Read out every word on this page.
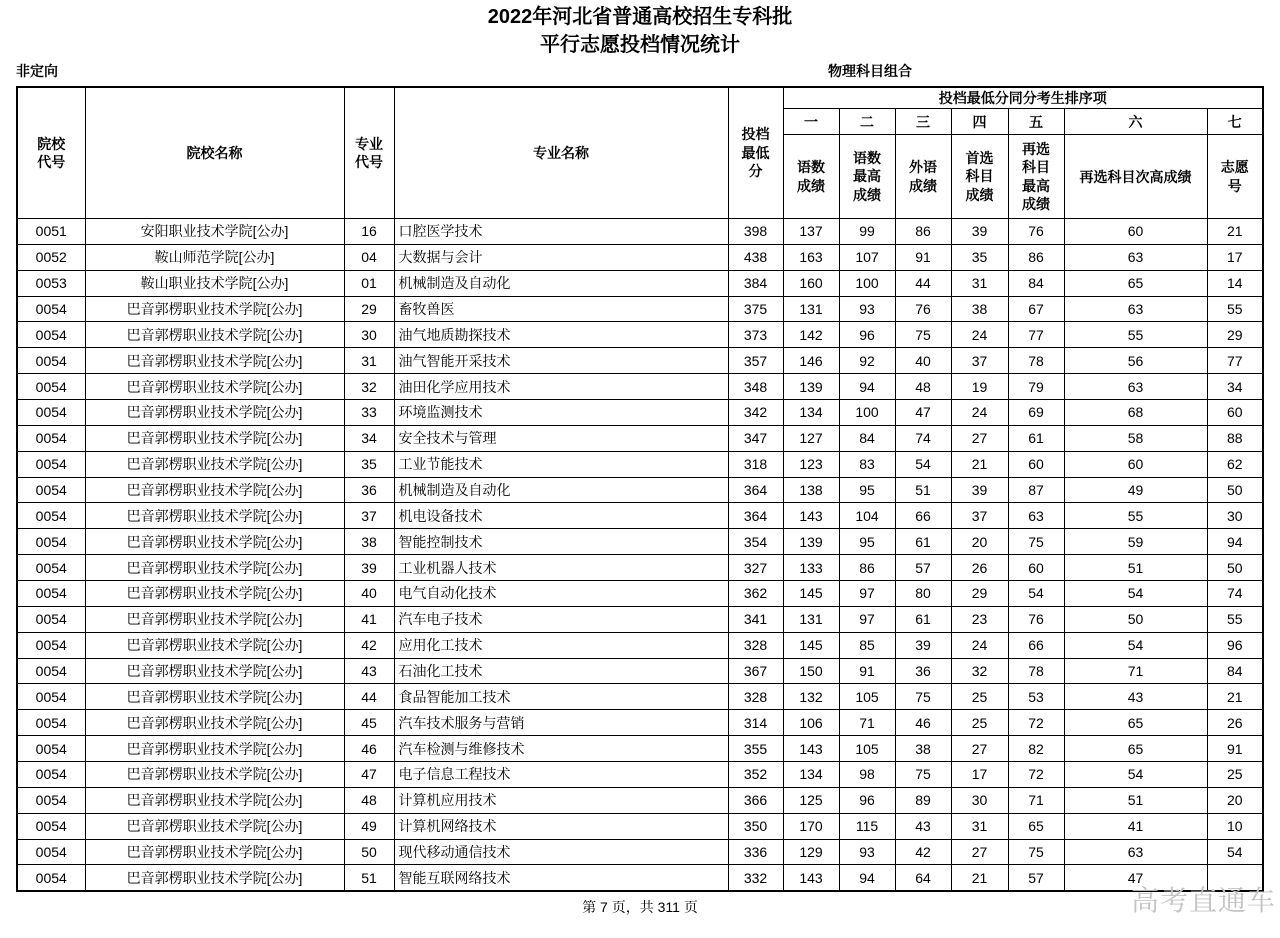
2022年河北省普通高校招生专科批
平行志愿投档情况统计
非定向	物理科目组合
院校代号	院校名称	专业代号	专业名称	投档最低分	投档最低分同分考生排序项						
					一	二	三	四	五	六	七
					语数成绩	语数最高成绩	外语成绩	首选科目成绩	再选科目最高成绩	再选科目次高成绩	志愿号
0051	安阳职业技术学院[公办]	16	口腔医学技术	398	137	99	86	39	76	60	21
0052	鞍山师范学院[公办]	04	大数据与会计	438	163	107	91	35	86	63	17
0053	鞍山职业技术学院[公办]	01	机械制造及自动化	384	160	100	44	31	84	65	14
0054	巴音郭楞职业技术学院[公办]	29	畜牧兽医	375	131	93	76	38	67	63	55
0054	巴音郭楞职业技术学院[公办]	30	油气地质勘探技术	373	142	96	75	24	77	55	29
0054	巴音郭楞职业技术学院[公办]	31	油气智能开采技术	357	146	92	40	37	78	56	77
0054	巴音郭楞职业技术学院[公办]	32	油田化学应用技术	348	139	94	48	19	79	63	34
0054	巴音郭楞职业技术学院[公办]	33	环境监测技术	342	134	100	47	24	69	68	60
0054	巴音郭楞职业技术学院[公办]	34	安全技术与管理	347	127	84	74	27	61	58	88
0054	巴音郭楞职业技术学院[公办]	35	工业节能技术	318	123	83	54	21	60	60	62
0054	巴音郭楞职业技术学院[公办]	36	机械制造及自动化	364	138	95	51	39	87	49	50
0054	巴音郭楞职业技术学院[公办]	37	机电设备技术	364	143	104	66	37	63	55	30
0054	巴音郭楞职业技术学院[公办]	38	智能控制技术	354	139	95	61	20	75	59	94
0054	巴音郭楞职业技术学院[公办]	39	工业机器人技术	327	133	86	57	26	60	51	50
0054	巴音郭楞职业技术学院[公办]	40	电气自动化技术	362	145	97	80	29	54	54	74
0054	巴音郭楞职业技术学院[公办]	41	汽车电子技术	341	131	97	61	23	76	50	55
0054	巴音郭楞职业技术学院[公办]	42	应用化工技术	328	145	85	39	24	66	54	96
0054	巴音郭楞职业技术学院[公办]	43	石油化工技术	367	150	91	36	32	78	71	84
0054	巴音郭楞职业技术学院[公办]	44	食品智能加工技术	328	132	105	75	25	53	43	21
0054	巴音郭楞职业技术学院[公办]	45	汽车技术服务与营销	314	106	71	46	25	72	65	26
0054	巴音郭楞职业技术学院[公办]	46	汽车检测与维修技术	355	143	105	38	27	82	65	91
0054	巴音郭楞职业技术学院[公办]	47	电子信息工程技术	352	134	98	75	17	72	54	25
0054	巴音郭楞职业技术学院[公办]	48	计算机应用技术	366	125	96	89	30	71	51	20
0054	巴音郭楞职业技术学院[公办]	49	计算机网络技术	350	170	115	43	31	65	41	10
0054	巴音郭楞职业技术学院[公办]	50	现代移动通信技术	336	129	93	42	27	75	63	54
0054	巴音郭楞职业技术学院[公办]	51	智能互联网络技术	332	143	94	64	21	57	47	
第 7 页，共 311 页	高考直通车
